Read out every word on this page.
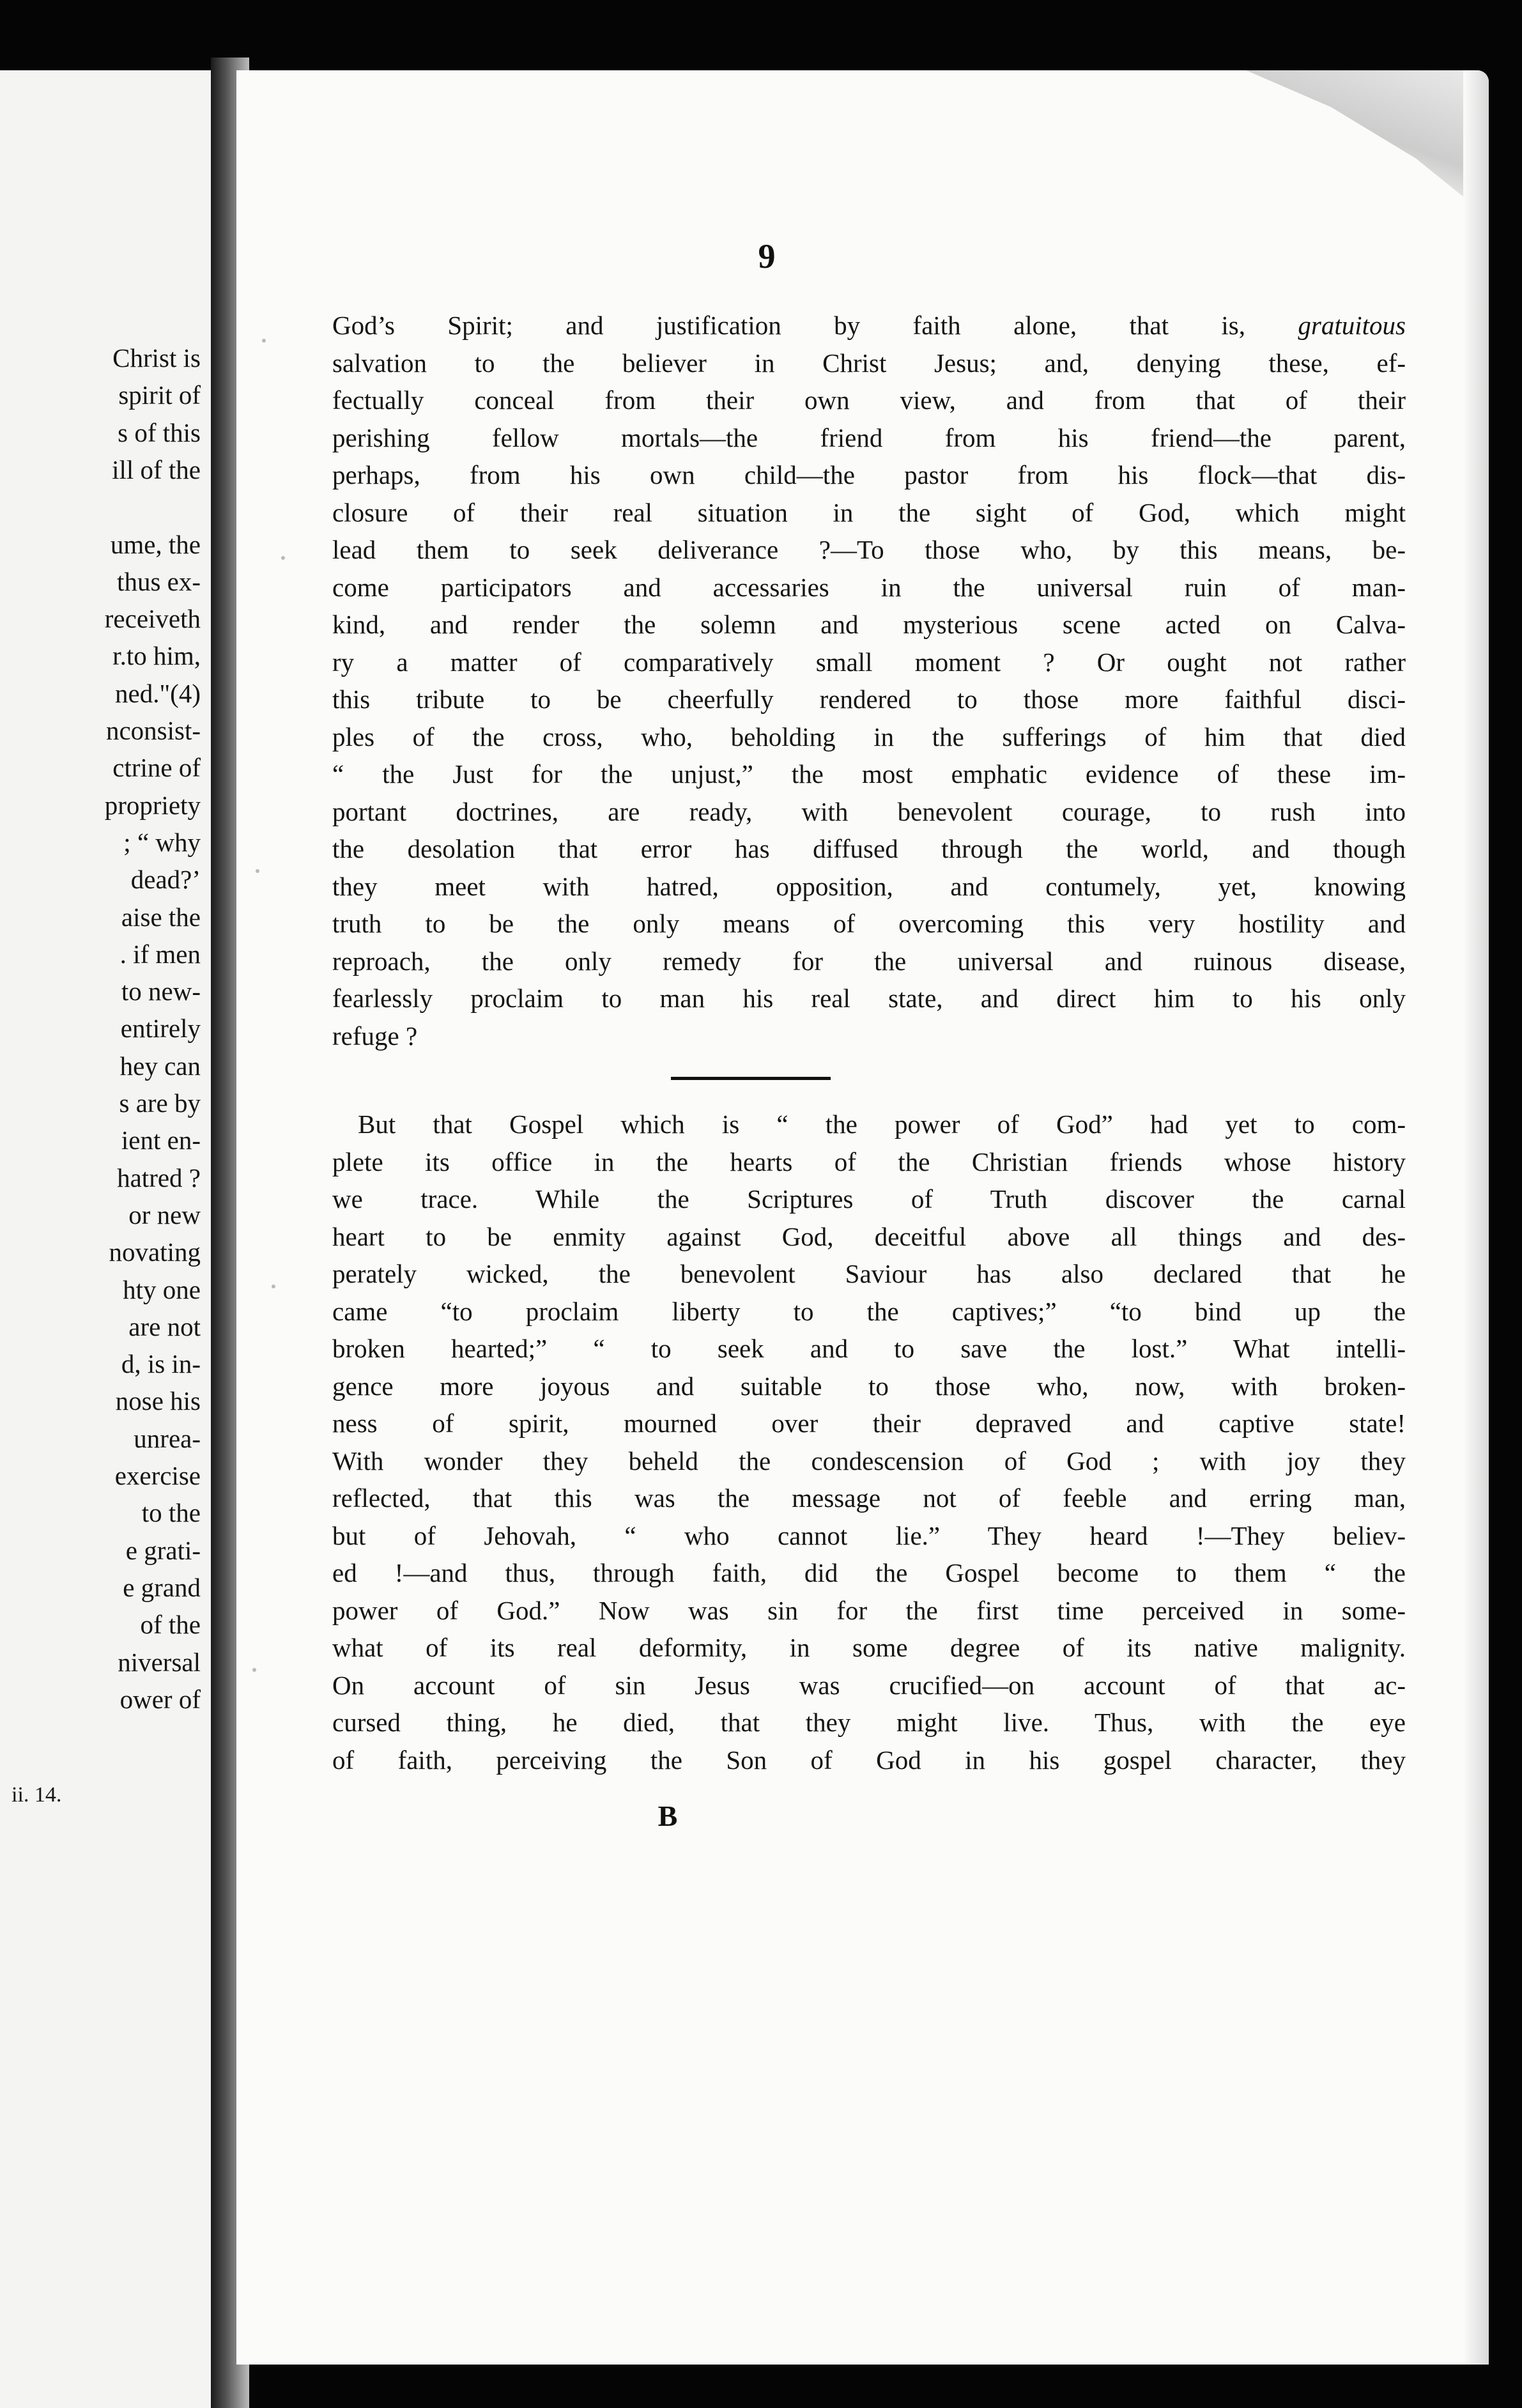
Christ is
spirit of
s of this
ill of the
ume, the
thus ex-
receiveth
r.to him,
ned."(4)
nconsist-
ctrine of
propriety
; “ why
dead?’
aise the
. if men
to new-
entirely
hey can
s are by
ient en-
hatred ?
or new
novating
hty one
are not
d, is in-
nose his
unrea-
exercise
to the
e grati-
e grand
of the
niversal
ower of
ii. 14.
9
God’s Spirit; and justification by faith alone, that is, gratuitous
salvation to the believer in Christ Jesus; and, denying these, ef-
fectually conceal from their own view, and from that of their
perishing fellow mortals—the friend from his friend—the parent,
perhaps, from his own child—the pastor from his flock—that dis-
closure of their real situation in the sight of God, which might
lead them to seek deliverance ?—To those who, by this means, be-
come participators and accessaries in the universal ruin of man-
kind, and render the solemn and mysterious scene acted on Calva-
ry a matter of comparatively small moment ? Or ought not rather
this tribute to be cheerfully rendered to those more faithful disci-
ples of the cross, who, beholding in the sufferings of him that died
“ the Just for the unjust,” the most emphatic evidence of these im-
portant doctrines, are ready, with benevolent courage, to rush into
the desolation that error has diffused through the world, and though
they meet with hatred, opposition, and contumely, yet, knowing
truth to be the only means of overcoming this very hostility and
reproach, the only remedy for the universal and ruinous disease,
fearlessly proclaim to man his real state, and direct him to his only
refuge ?
But that Gospel which is “ the power of God” had yet to com-
plete its office in the hearts of the Christian friends whose history
we trace. While the Scriptures of Truth discover the carnal
heart to be enmity against God, deceitful above all things and des-
perately wicked, the benevolent Saviour has also declared that he
came “to proclaim liberty to the captives;” “to bind up the
broken hearted;” “ to seek and to save the lost.” What intelli-
gence more joyous and suitable to those who, now, with broken-
ness of spirit, mourned over their depraved and captive state!
With wonder they beheld the condescension of God ; with joy they
reflected, that this was the message not of feeble and erring man,
but of Jehovah, “ who cannot lie.” They heard !—They believ-
ed !—and thus, through faith, did the Gospel become to them “ the
power of God.” Now was sin for the first time perceived in some-
what of its real deformity, in some degree of its native malignity.
On account of sin Jesus was crucified—on account of that ac-
cursed thing, he died, that they might live. Thus, with the eye
of faith, perceiving the Son of God in his gospel character, they
B
